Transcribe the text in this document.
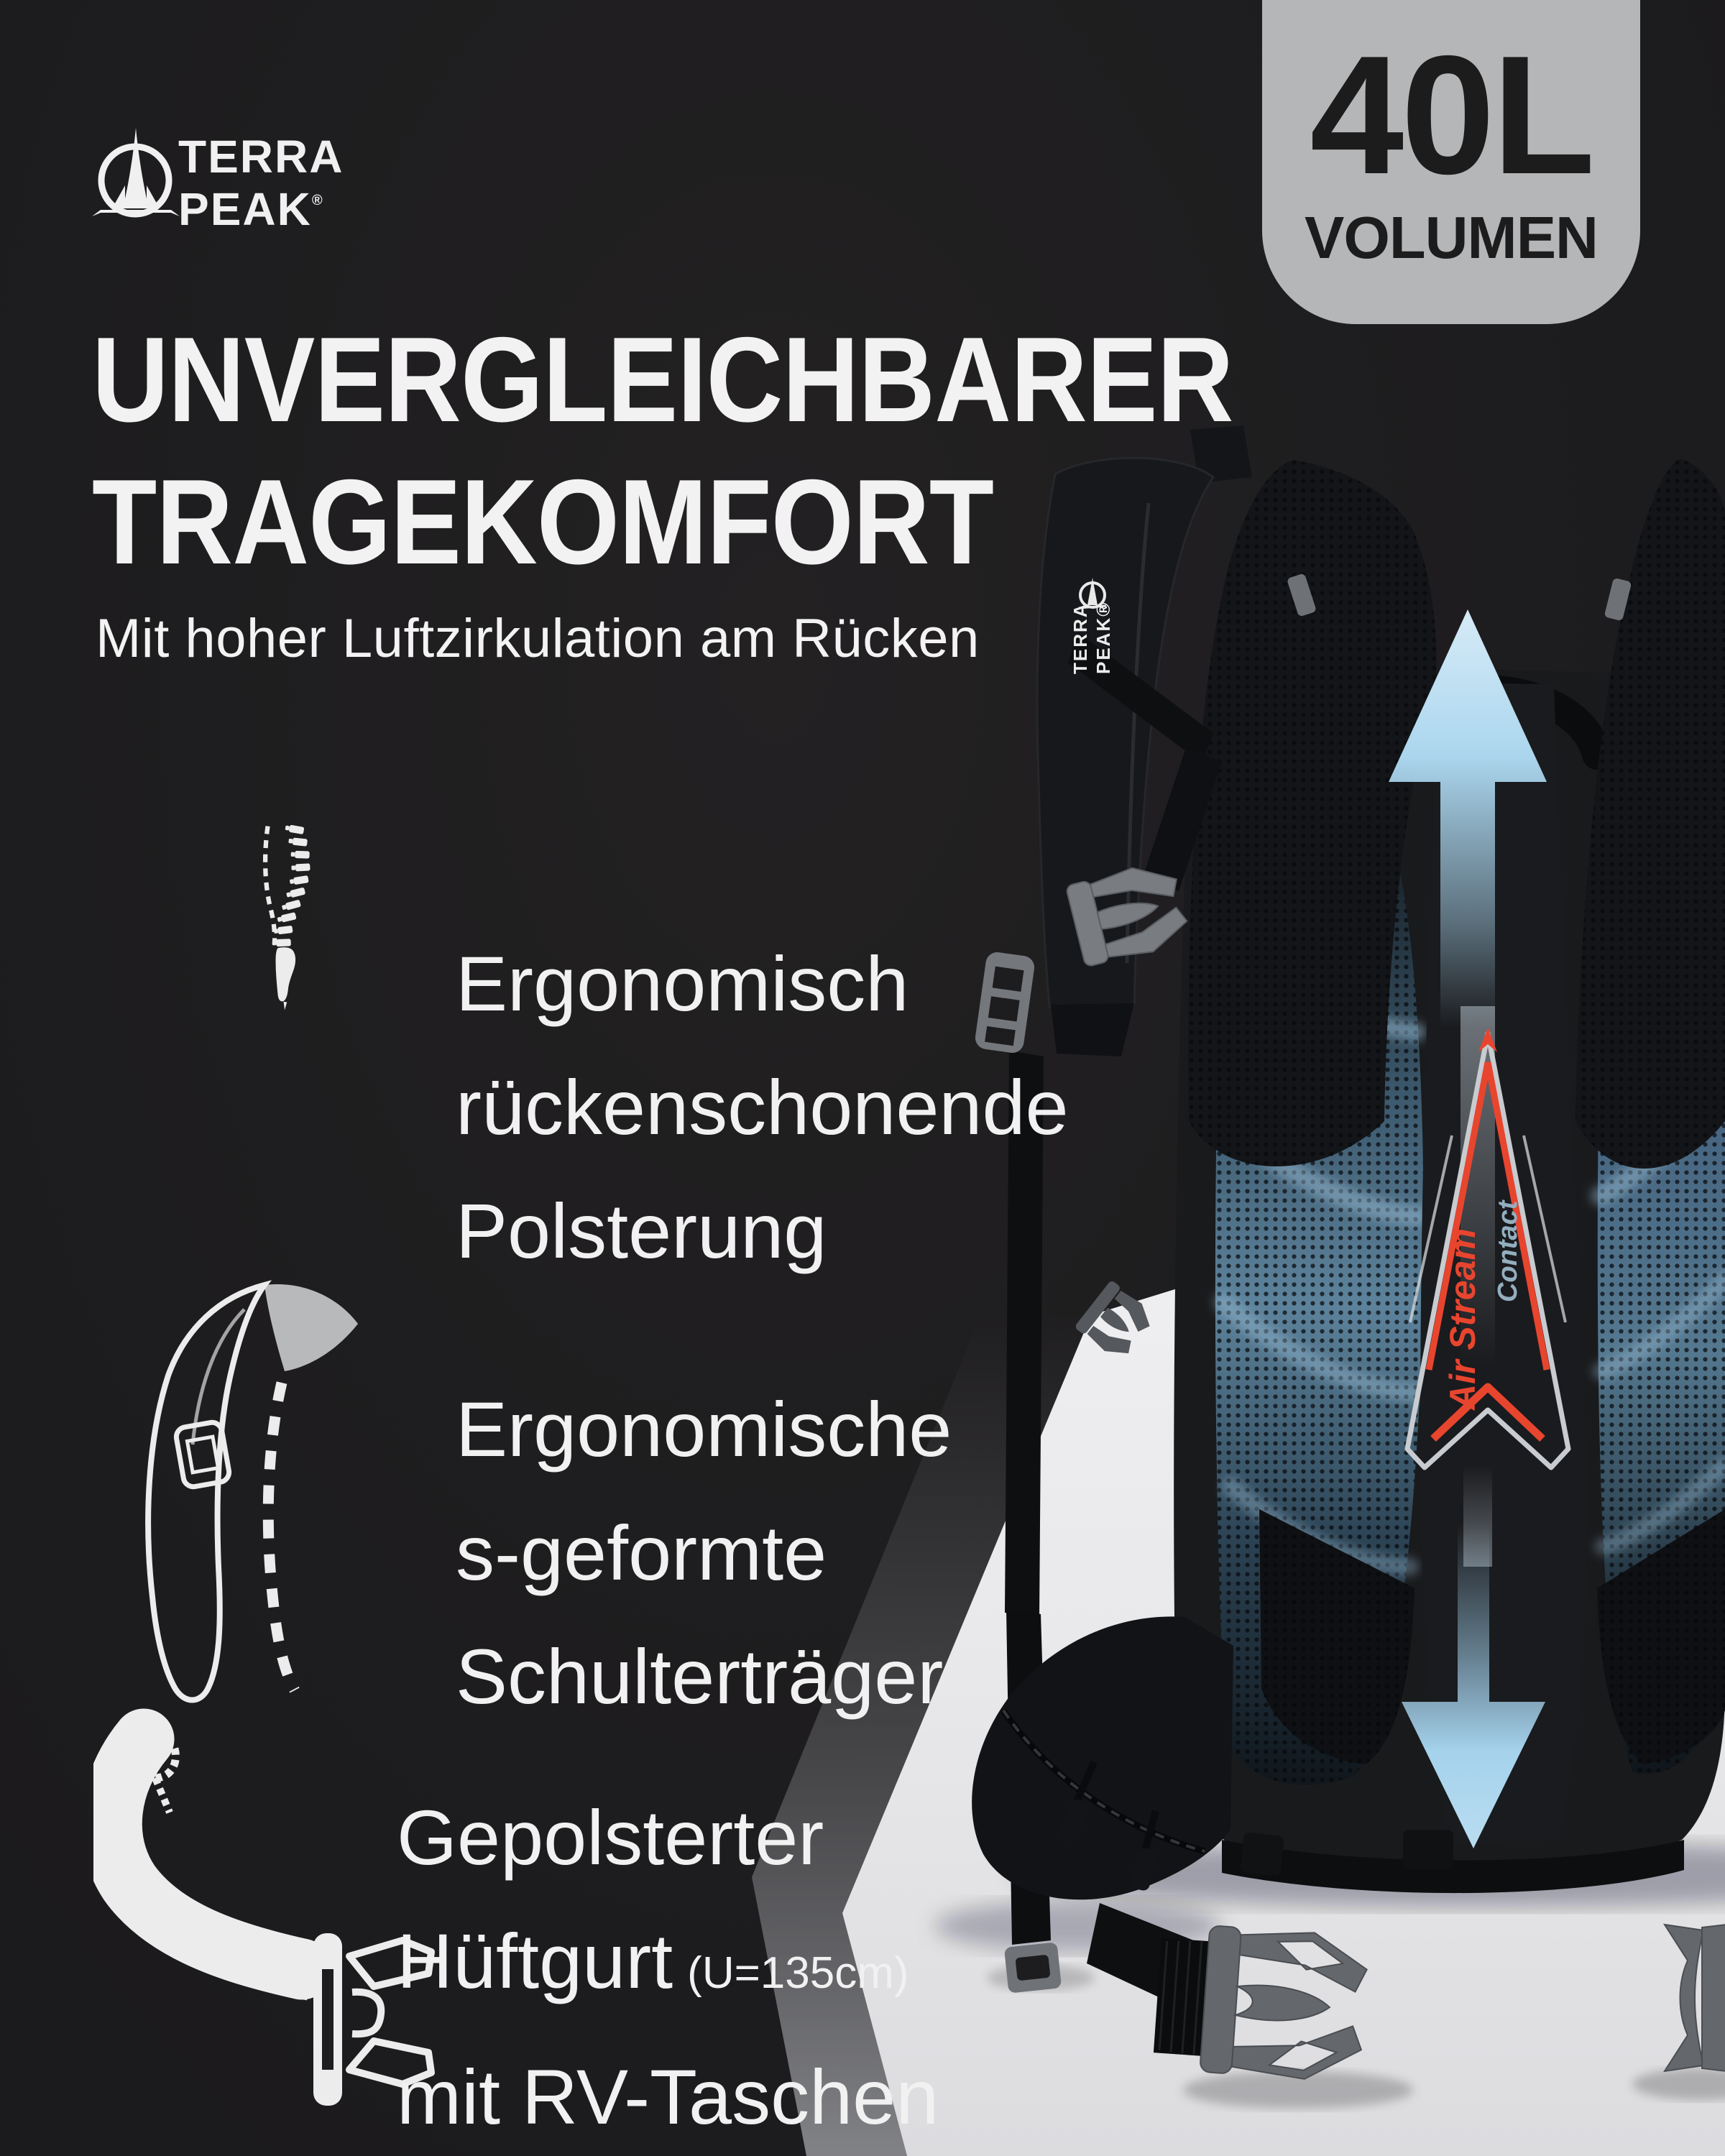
Air Stream Contact
TERRA PEAK®
TERRA
PEAK®	40L
VOLUMEN
UNVERGLEICHBARER
TRAGEKOMFORT
Mit hoher Luftzirkulation am Rücken
Ergonomisch
rückenschonende
Polsterung
Ergonomische
s-geformte
Schulterträger
Gepolsterter
Hüftgurt (U=135cm)
mit RV-Taschen
